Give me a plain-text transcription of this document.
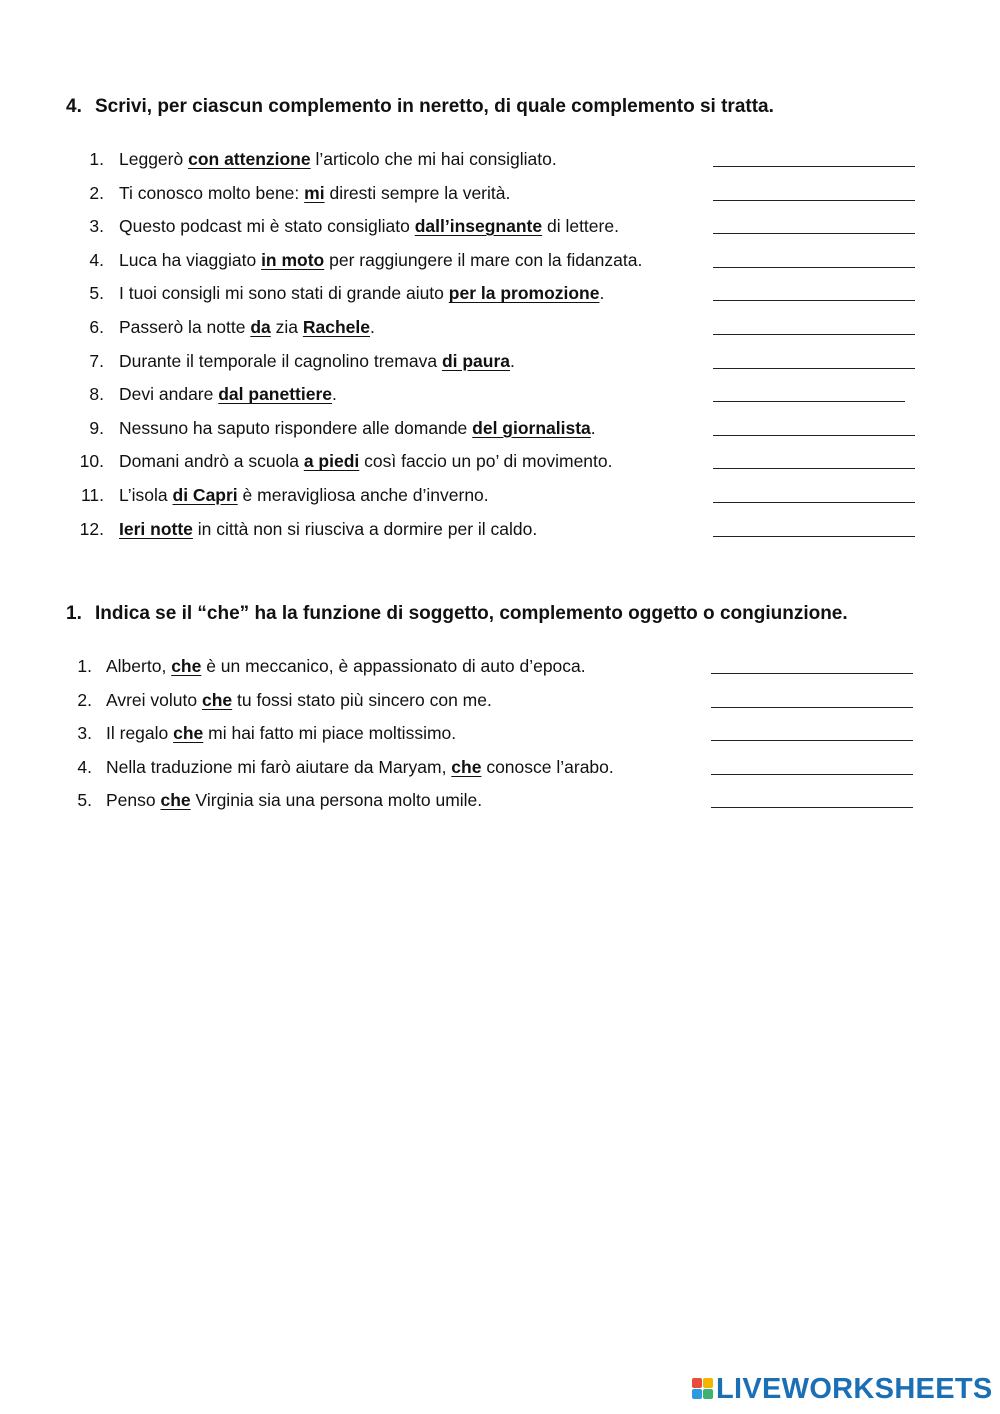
4. Scrivi, per ciascun complemento in neretto, di quale complemento si tratta.
1. Leggerò con attenzione l’articolo che mi hai consigliato.
2. Ti conosco molto bene: mi diresti sempre la verità.
3. Questo podcast mi è stato consigliato dall’insegnante di lettere.
4. Luca ha viaggiato in moto per raggiungere il mare con la fidanzata.
5. I tuoi consigli mi sono stati di grande aiuto per la promozione.
6. Passerò la notte da zia Rachele.
7. Durante il temporale il cagnolino tremava di paura.
8. Devi andare dal panettiere.
9. Nessuno ha saputo rispondere alle domande del giornalista.
10. Domani andrò a scuola a piedi così faccio un po’ di movimento.
11. L’isola di Capri è meravigliosa anche d’inverno.
12. Ieri notte in città non si riusciva a dormire per il caldo.
1. Indica se il “che” ha la funzione di soggetto, complemento oggetto o congiunzione.
1. Alberto, che è un meccanico, è appassionato di auto d’epoca.
2. Avrei voluto che tu fossi stato più sincero con me.
3. Il regalo che mi hai fatto mi piace moltissimo.
4. Nella traduzione mi farò aiutare da Maryam, che conosce l’arabo.
5. Penso che Virginia sia una persona molto umile.
LIVEWORKSHEETS
